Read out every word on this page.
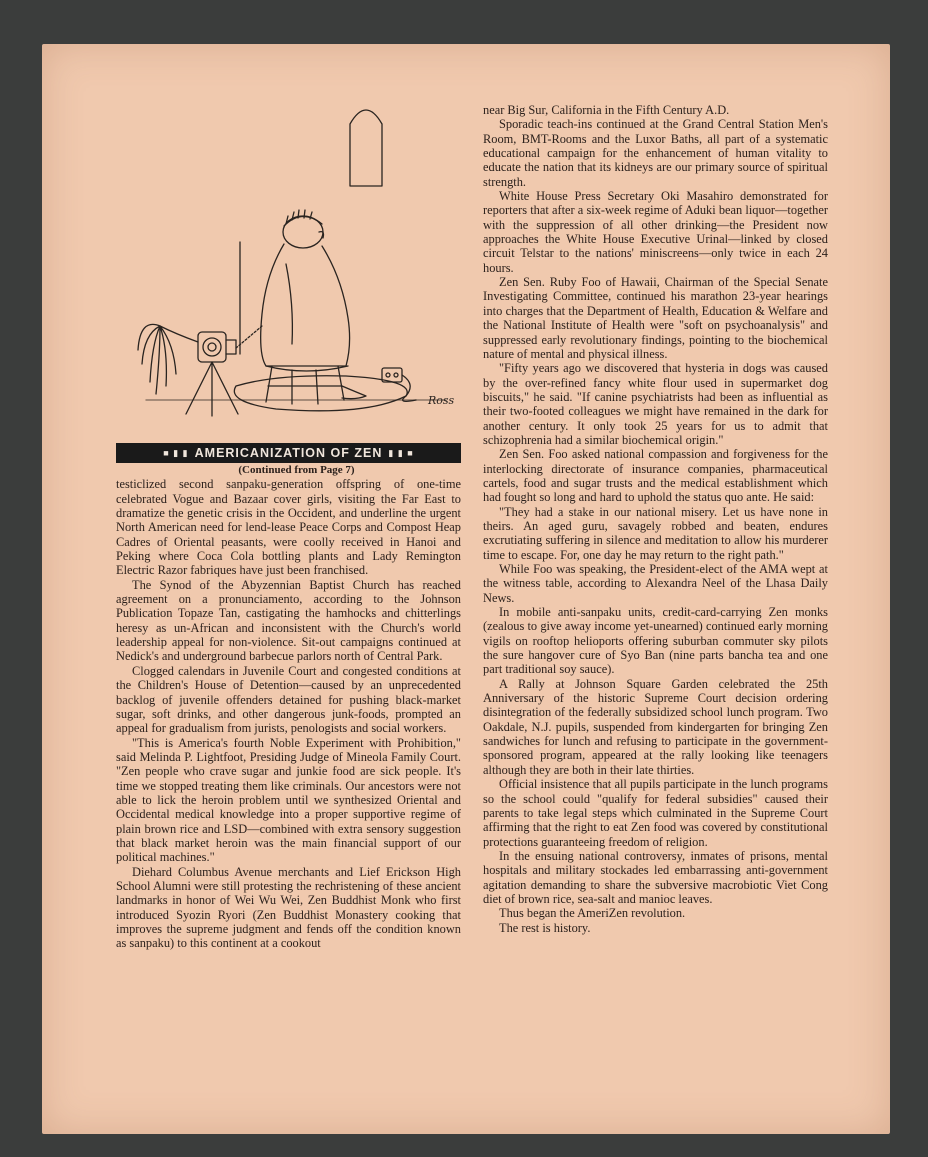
Ross
■ ▮ ▮ AMERICANIZATION OF ZEN ▮ ▮ ■

(Continued from Page 7)

testiclized second sanpaku-generation offspring of one-time celebrated Vogue and Bazaar cover girls, visiting the Far East to dramatize the genetic crisis in the Occident, and underline the urgent North American need for lend-lease Peace Corps and Compost Heap Cadres of Oriental peasants, were coolly received in Hanoi and Peking where Coca Cola bottling plants and Lady Remington Electric Razor fabriques have just been franchised.

The Synod of the Abyzennian Baptist Church has reached agreement on a pronunciamento, according to the Johnson Publication Topaze Tan, castigating the hamhocks and chitterlings heresy as un-African and inconsistent with the Church's world leadership appeal for non-violence. Sit-out campaigns continued at Nedick's and underground barbecue parlors north of Central Park.

Clogged calendars in Juvenile Court and congested conditions at the Children's House of Detention—caused by an unprecedented backlog of juvenile offenders detained for pushing black-market sugar, soft drinks, and other dangerous junk-foods, prompted an appeal for gradualism from jurists, penologists and social workers.

"This is America's fourth Noble Experiment with Prohibition," said Melinda P. Lightfoot, Presiding Judge of Mineola Family Court. "Zen people who crave sugar and junkie food are sick people. It's time we stopped treating them like criminals. Our ancestors were not able to lick the heroin problem until we synthesized Oriental and Occidental medical knowledge into a proper supportive regime of plain brown rice and LSD—combined with extra sensory suggestion that black market heroin was the main financial support of our political machines."

Diehard Columbus Avenue merchants and Lief Erickson High School Alumni were still protesting the rechristening of these ancient landmarks in honor of Wei Wu Wei, Zen Buddhist Monk who first introduced Syozin Ryori (Zen Buddhist Monastery cooking that improves the supreme judgment and fends off the condition known as sanpaku) to this continent at a cookout

near Big Sur, California in the Fifth Century A.D.

Sporadic teach-ins continued at the Grand Central Station Men's Room, BMT-Rooms and the Luxor Baths, all part of a systematic educational campaign for the enhancement of human vitality to educate the nation that its kidneys are our primary source of spiritual strength.

White House Press Secretary Oki Masahiro demonstrated for reporters that after a six-week regime of Aduki bean liquor—together with the suppression of all other drinking—the President now approaches the White House Executive Urinal—linked by closed circuit Telstar to the nations' miniscreens—only twice in each 24 hours.

Zen Sen. Ruby Foo of Hawaii, Chairman of the Special Senate Investigating Committee, continued his marathon 23-year hearings into charges that the Department of Health, Education & Welfare and the National Institute of Health were "soft on psychoanalysis" and suppressed early revolutionary findings, pointing to the biochemical nature of mental and physical illness.

"Fifty years ago we discovered that hysteria in dogs was caused by the over-refined fancy white flour used in supermarket dog biscuits," he said. "If canine psychiatrists had been as influential as their two-footed colleagues we might have remained in the dark for another century. It only took 25 years for us to admit that schizophrenia had a similar biochemical origin."

Zen Sen. Foo asked national compassion and forgiveness for the interlocking directorate of insurance companies, pharmaceutical cartels, food and sugar trusts and the medical establishment which had fought so long and hard to uphold the status quo ante. He said:

"They had a stake in our national misery. Let us have none in theirs. An aged guru, savagely robbed and beaten, endures excrutiating suffering in silence and meditation to allow his murderer time to escape. For, one day he may return to the right path."

While Foo was speaking, the President-elect of the AMA wept at the witness table, according to Alexandra Neel of the Lhasa Daily News.

In mobile anti-sanpaku units, credit-card-carrying Zen monks (zealous to give away income yet-unearned) continued early morning vigils on rooftop helioports offering suburban commuter sky pilots the sure hangover cure of Syo Ban (nine parts bancha tea and one part traditional soy sauce).

A Rally at Johnson Square Garden celebrated the 25th Anniversary of the historic Supreme Court decision ordering disintegration of the federally subsidized school lunch program. Two Oakdale, N.J. pupils, suspended from kindergarten for bringing Zen sandwiches for lunch and refusing to participate in the government-sponsored program, appeared at the rally looking like teenagers although they are both in their late thirties.

Official insistence that all pupils participate in the lunch programs so the school could "qualify for federal subsidies" caused their parents to take legal steps which culminated in the Supreme Court affirming that the right to eat Zen food was covered by constitutional protections guaranteeing freedom of religion.

In the ensuing national controversy, inmates of prisons, mental hospitals and military stockades led embarrassing anti-government agitation demanding to share the subversive macrobiotic Viet Cong diet of brown rice, sea-salt and manioc leaves.

Thus began the AmeriZen revolution.

The rest is history.
